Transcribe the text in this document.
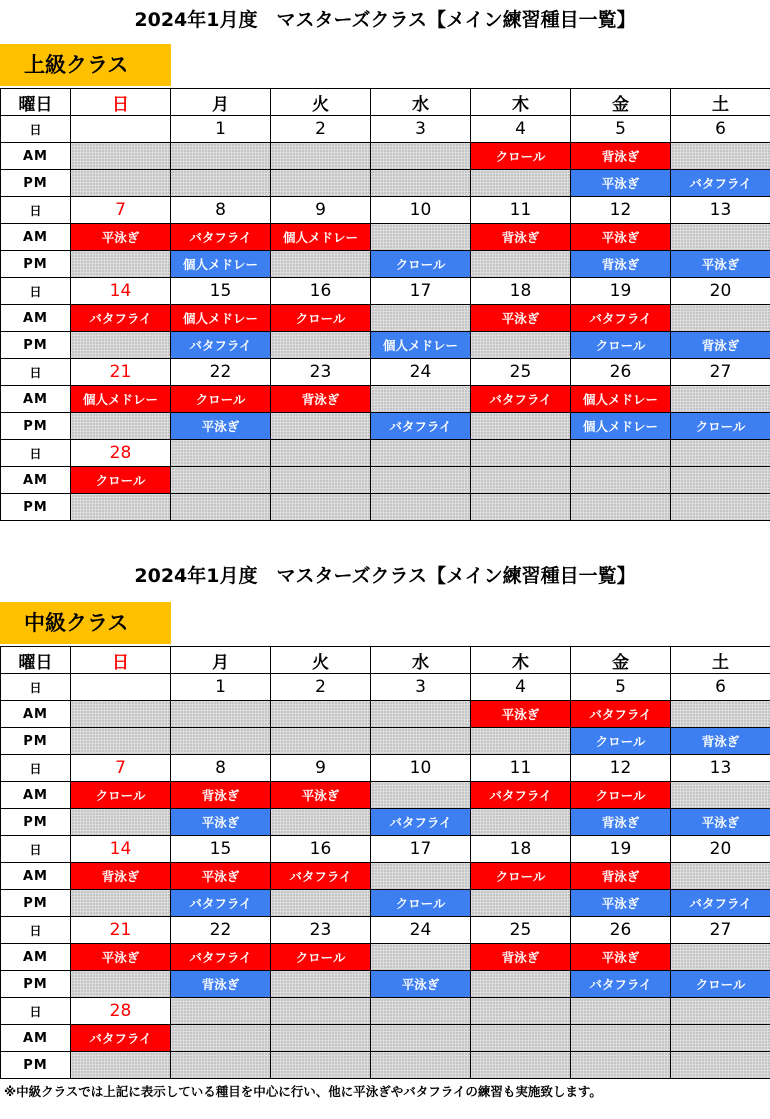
2024年1月度　マスターズクラス【メイン練習種目一覧】
上級クラス
曜日	日	月	火	水	木	金	土
日		1	2	3	4	5	6
AM					クロール	背泳ぎ	
PM						平泳ぎ	バタフライ
日	7	8	9	10	11	12	13
AM	平泳ぎ	バタフライ	個人メドレー		背泳ぎ	平泳ぎ	
PM		個人メドレー		クロール		背泳ぎ	平泳ぎ
日	14	15	16	17	18	19	20
AM	バタフライ	個人メドレー	クロール		平泳ぎ	バタフライ	
PM		バタフライ		個人メドレー		クロール	背泳ぎ
日	21	22	23	24	25	26	27
AM	個人メドレー	クロール	背泳ぎ		バタフライ	個人メドレー	
PM		平泳ぎ		バタフライ		個人メドレー	クロール
日	28						
AM	クロール						
PM							
2024年1月度　マスターズクラス【メイン練習種目一覧】
中級クラス
曜日	日	月	火	水	木	金	土
日		1	2	3	4	5	6
AM					平泳ぎ	バタフライ	
PM						クロール	背泳ぎ
日	7	8	9	10	11	12	13
AM	クロール	背泳ぎ	平泳ぎ		バタフライ	クロール	
PM		平泳ぎ		バタフライ		背泳ぎ	平泳ぎ
日	14	15	16	17	18	19	20
AM	背泳ぎ	平泳ぎ	バタフライ		クロール	背泳ぎ	
PM		バタフライ		クロール		平泳ぎ	バタフライ
日	21	22	23	24	25	26	27
AM	平泳ぎ	バタフライ	クロール		背泳ぎ	平泳ぎ	
PM		背泳ぎ		平泳ぎ		バタフライ	クロール
日	28						
AM	バタフライ						
PM							
※中級クラスでは上記に表示している種目を中心に行い、他に平泳ぎやバタフライの練習も実施致します。
